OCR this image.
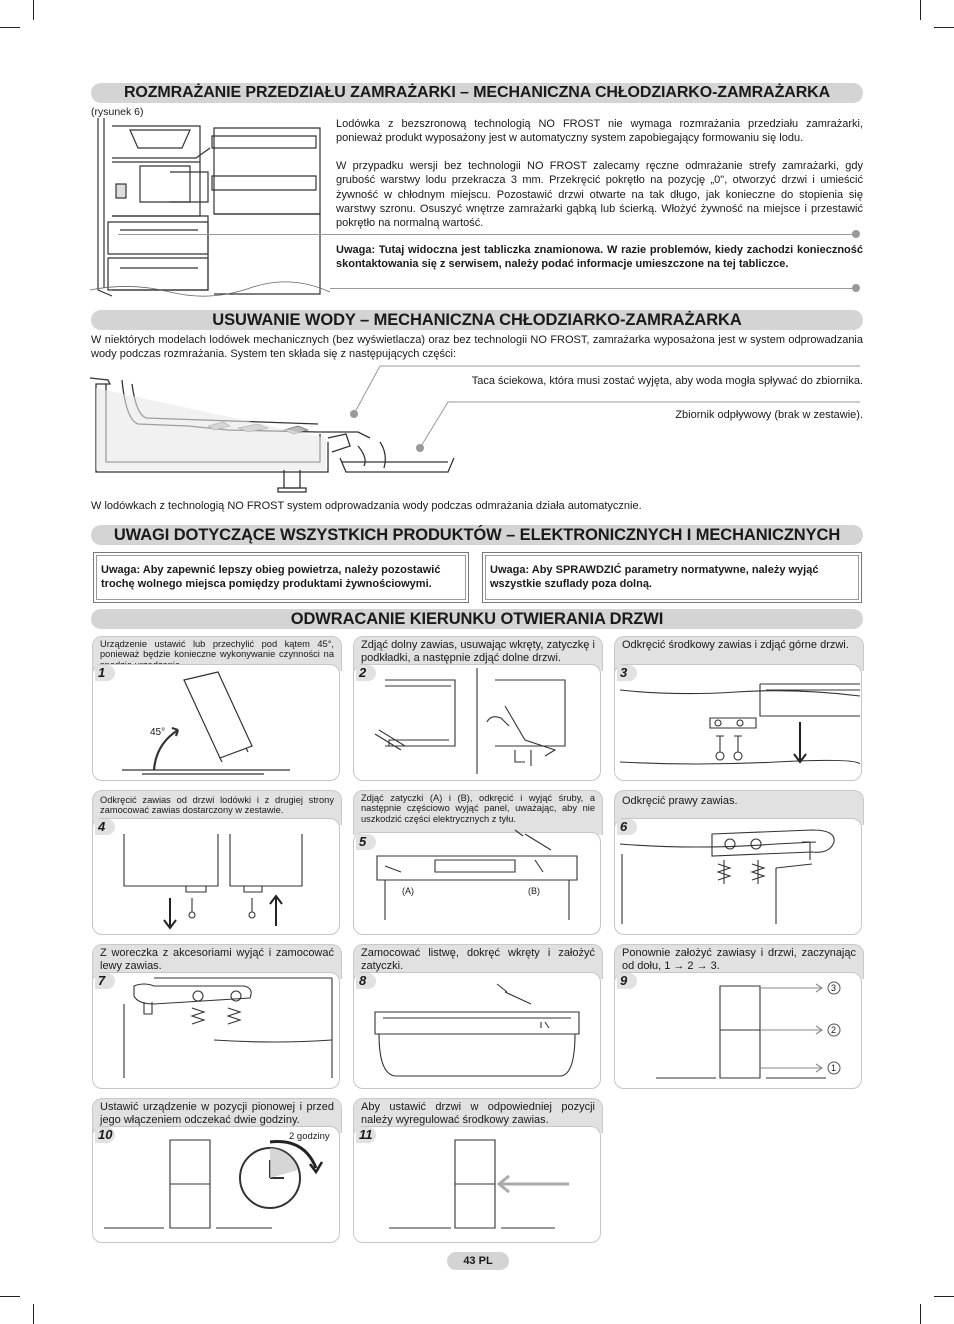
ROZMRAŻANIE PRZEDZIAŁU ZAMRAŻARKI – MECHANICZNA CHŁODZIARKO-ZAMRAŻARKA
(rysunek 6)

Lodówka z bezszronową technologią NO FROST nie wymaga rozmrażania przedziału zamrażarki, ponieważ produkt wyposażony jest w automatyczny system zapobiegający formowaniu się lodu.

W przypadku wersji bez technologii NO FROST zalecamy ręczne odmrażanie strefy zamrażarki, gdy grubość warstwy lodu przekracza 3 mm. Przekręcić pokrętło na pozycję „0", otworzyć drzwi i umieścić żywność w chłodnym miejscu. Pozostawić drzwi otwarte na tak długo, jak konieczne do stopienia się warstwy szronu. Osuszyć wnętrze zamrażarki gąbką lub ścierką. Włożyć żywność na miejsce i przestawić pokrętło na normalną wartość.

Uwaga: Tutaj widoczna jest tabliczka znamionowa. W razie problemów, kiedy zachodzi konieczność skontaktowania się z serwisem, należy podać informacje umieszczone na tej tabliczce.

USUWANIE WODY – MECHANICZNA CHŁODZIARKO-ZAMRAŻARKA

W niektórych modelach lodówek mechanicznych (bez wyświetlacza) oraz bez technologii NO FROST, zamrażarka wyposażona jest w system odprowadzania wody podczas rozmrażania. System ten składa się z następujących części:

Taca ściekowa, która musi zostać wyjęta, aby woda mogła spływać do zbiornika.
Zbiornik odpływowy (brak w zestawie).

W lodówkach z technologią NO FROST system odprowadzania wody podczas odmrażania działa automatycznie.

UWAGI DOTYCZĄCE WSZYSTKICH PRODUKTÓW – ELEKTRONICZNYCH I MECHANICZNYCH
Uwaga: Aby zapewnić lepszy obieg powietrza, należy pozostawić trochę wolnego miejsca pomiędzy produktami żywnościowymi.
Uwaga: Aby SPRAWDZIĆ parametry normatywne, należy wyjąć wszystkie szuflady poza dolną.
ODWRACANIE KIERUNKU OTWIERANIA DRZWI

Urządzenie ustawić lub przechylić pod kątem 45°, ponieważ będzie konieczne wykonywanie czynności na

1
45°

Zdjąć dolny zawias, usuwając wkręty, zatyczkę i podkładki, a następnie zdjąć dolne drzwi.

2

Odkręcić środkowy zawias i zdjąć górne drzwi.

3

Odkręcić zawias od drzwi lodówki i z drugiej strony zamocować zawias dostarczony w zestawie.

4

Zdjąć zatyczki (A) i (B), odkręcić i wyjąć śruby, a następnie częściowo wyjąć panel, uważając, aby nie uszkodzić części elektrycznych z tyłu.

5
(A)	(B)

Odkręcić prawy zawias.

6

Z woreczka z akcesoriami wyjąć i zamocować lewy zawias.

7

Zamocować listwę, dokręć wkręty i założyć zatyczki.

8

Ponownie założyć zawiasy i drzwi, zaczynając od dołu, 1 → 2 → 3.

9	3
2
1

Ustawić urządzenie w pozycji pionowej i przed jego włączeniem odczekać dwie godziny.

10	2 godziny

Aby ustawić drzwi w odpowiedniej pozycji należy wyregulować środkowy zawias.

11
43 PL
